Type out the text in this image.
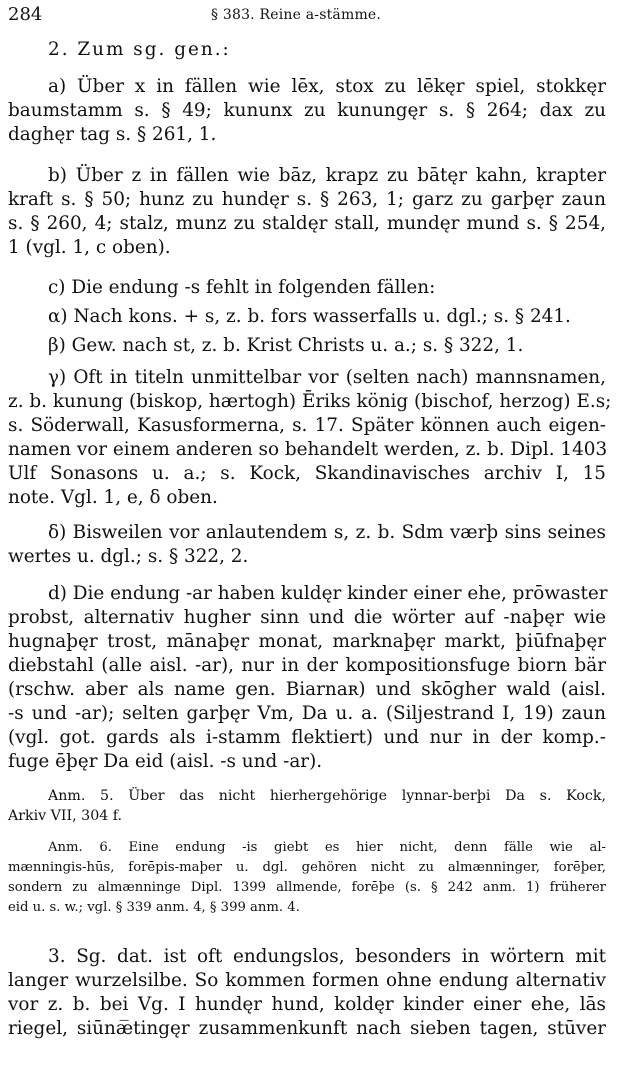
284	§ 383. Reine a-stämme.
2. Zum sg. gen.:
a) Über x in fällen wie lēx, stox zu lēkęr spiel, stokkęr
baumstamm s. § 49; kununx zu kunungęr s. § 264; dax zu
daghęr tag s. § 261, 1.
b) Über z in fällen wie bāz, krapz zu bātęr kahn, krapter
kraft s. § 50; hunz zu hundęr s. § 263, 1; garz zu garþęr zaun
s. § 260, 4; stalz, munz zu staldęr stall, mundęr mund s. § 254,
1 (vgl. 1, c oben).
c) Die endung -s fehlt in folgenden fällen:
α) Nach kons. + s, z. b. fors wasserfalls u. dgl.; s. § 241.
β) Gew. nach st, z. b. Krist Christs u. a.; s. § 322, 1.
γ) Oft in titeln unmittelbar vor (selten nach) mannsnamen,
z. b. kunung (biskop, hærtogh) Ēriks könig (bischof, herzog) E.s;
s. Söderwall, Kasusformerna, s. 17. Später können auch eigen-
namen vor einem anderen so behandelt werden, z. b. Dipl. 1403
Ulf Sonasons u. a.; s. Kock, Skandinavisches archiv I, 15
note. Vgl. 1, e, δ oben.
δ) Bisweilen vor anlautendem s, z. b. Sdm værþ sins seines
wertes u. dgl.; s. § 322, 2.
d) Die endung -ar haben kuldęr kinder einer ehe, prōwaster
probst, alternativ hugher sinn und die wörter auf -naþęr wie
hugnaþęr trost, mānaþęr monat, marknaþęr markt, þiūfnaþęr
diebstahl (alle aisl. -ar), nur in der kompositionsfuge biorn bär
(rschw. aber als name gen. Biarnaʀ) und skōgher wald (aisl.
-s und -ar); selten garþęr Vm, Da u. a. (Siljestrand I, 19) zaun
(vgl. got. gards als i-stamm flektiert) und nur in der komp.-
fuge ēþęr Da eid (aisl. -s und -ar).
Anm. 5. Über das nicht hierhergehörige lynnar-berþi Da s. Kock,
Arkiv VII, 304 f.
Anm. 6. Eine endung -is giebt es hier nicht, denn fälle wie al-
mænningis-hūs, forēpis-maþer u. dgl. gehören nicht zu almænninger, forēþer,
sondern zu almænninge Dipl. 1399 allmende, forēþe (s. § 242 anm. 1) früherer
eid u. s. w.; vgl. § 339 anm. 4, § 399 anm. 4.
3. Sg. dat. ist oft endungslos, besonders in wörtern mit
langer wurzelsilbe. So kommen formen ohne endung alternativ
vor z. b. bei Vg. I hundęr hund, koldęr kinder einer ehe, lās
riegel, siūnæ̅tingęr zusammenkunft nach sieben tagen, stūver
